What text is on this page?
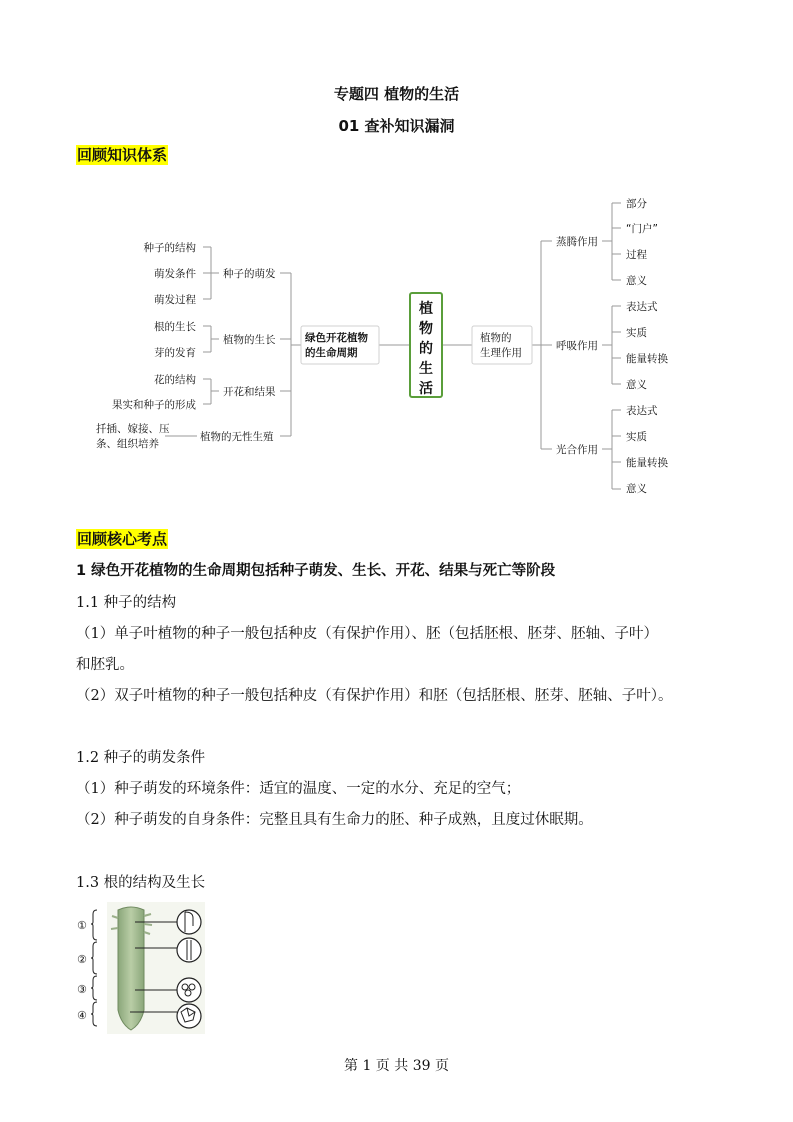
专题四 植物的生活
01 查补知识漏洞
回顾知识体系
种子的结构
萌发条件
萌发过程
种子的萌发
根的生长
芽的发育
植物的生长
花的结构
果实和种子的形成
开花和结果
扦插、嫁接、压
条、组织培养
植物的无性生殖
绿色开花植物
的生命周期
植物的
生理作用
蒸腾作用
部分
“门户”
过程
意义
呼吸作用
表达式
实质
能量转换
意义
光合作用
表达式
实质
能量转换
意义
植
物
的
生
活
回顾核心考点
1 绿色开花植物的生命周期包括种子萌发、生长、开花、结果与死亡等阶段
1.1 种子的结构
（1）单子叶植物的种子一般包括种皮（有保护作用）、胚（包括胚根、胚芽、胚轴、子叶）
和胚乳。
（2）双子叶植物的种子一般包括种皮（有保护作用）和胚（包括胚根、胚芽、胚轴、子叶）。
1.2 种子的萌发条件
（1）种子萌发的环境条件：适宜的温度、一定的水分、充足的空气；
（2）种子萌发的自身条件：完整且具有生命力的胚、种子成熟，且度过休眠期。
1.3 根的结构及生长
①
②
③
④
第 1 页 共 39 页
